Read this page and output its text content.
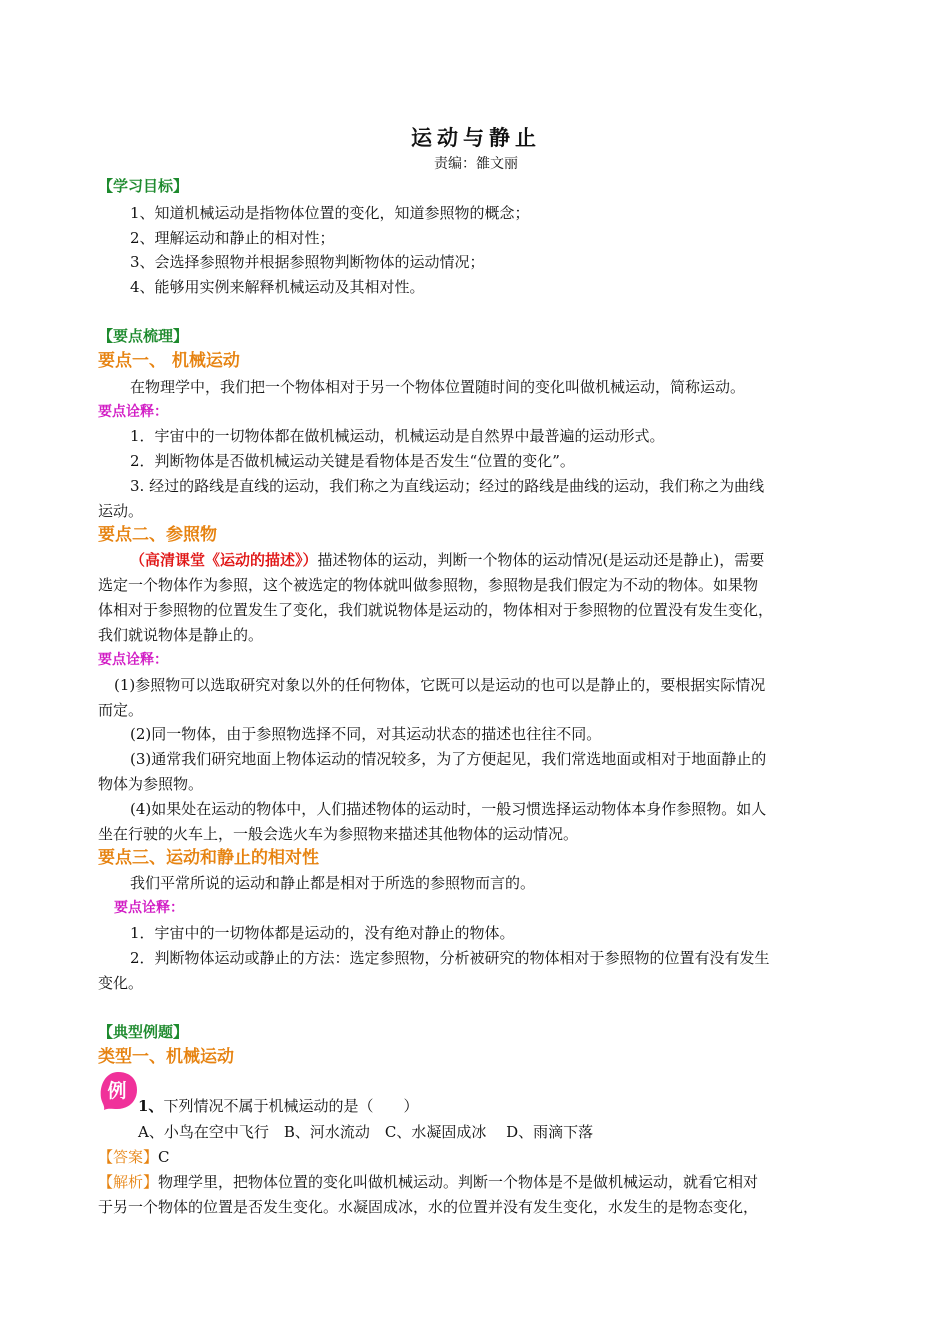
运动与静止
责编：雒文丽
【学习目标】
1、知道机械运动是指物体位置的变化，知道参照物的概念；
2、理解运动和静止的相对性；
3、会选择参照物并根据参照物判断物体的运动情况；
4、能够用实例来解释机械运动及其相对性。
【要点梳理】
要点一、 机械运动
在物理学中，我们把一个物体相对于另一个物体位置随时间的变化叫做机械运动，简称运动。
要点诠释：
1．宇宙中的一切物体都在做机械运动，机械运动是自然界中最普遍的运动形式。
2．判断物体是否做机械运动关键是看物体是否发生“位置的变化”。
3. 经过的路线是直线的运动，我们称之为直线运动；经过的路线是曲线的运动，我们称之为曲线
运动。
要点二、参照物
（高清课堂《运动的描述》）描述物体的运动，判断一个物体的运动情况(是运动还是静止)，需要
选定一个物体作为参照，这个被选定的物体就叫做参照物，参照物是我们假定为不动的物体。如果物
体相对于参照物的位置发生了变化，我们就说物体是运动的，物体相对于参照物的位置没有发生变化，
我们就说物体是静止的。
要点诠释：
(1)参照物可以选取研究对象以外的任何物体，它既可以是运动的也可以是静止的，要根据实际情况
而定。
(2)同一物体，由于参照物选择不同，对其运动状态的描述也往往不同。
(3)通常我们研究地面上物体运动的情况较多，为了方便起见，我们常选地面或相对于地面静止的
物体为参照物。
(4)如果处在运动的物体中，人们描述物体的运动时，一般习惯选择运动物体本身作参照物。如人
坐在行驶的火车上，一般会选火车为参照物来描述其他物体的运动情况。
要点三、运动和静止的相对性
我们平常所说的运动和静止都是相对于所选的参照物而言的。
要点诠释：
1．宇宙中的一切物体都是运动的，没有绝对静止的物体。
2．判断物体运动或静止的方法：选定参照物，分析被研究的物体相对于参照物的位置有没有发生
变化。
【典型例题】
类型一、机械运动
例
1、下列情况不属于机械运动的是（　　）
A、小鸟在空中飞行　B、河水流动　C、水凝固成冰　 D、雨滴下落
【答案】C
【解析】物理学里，把物体位置的变化叫做机械运动。判断一个物体是不是做机械运动，就看它相对
于另一个物体的位置是否发生变化。水凝固成冰，水的位置并没有发生变化，水发生的是物态变化，
